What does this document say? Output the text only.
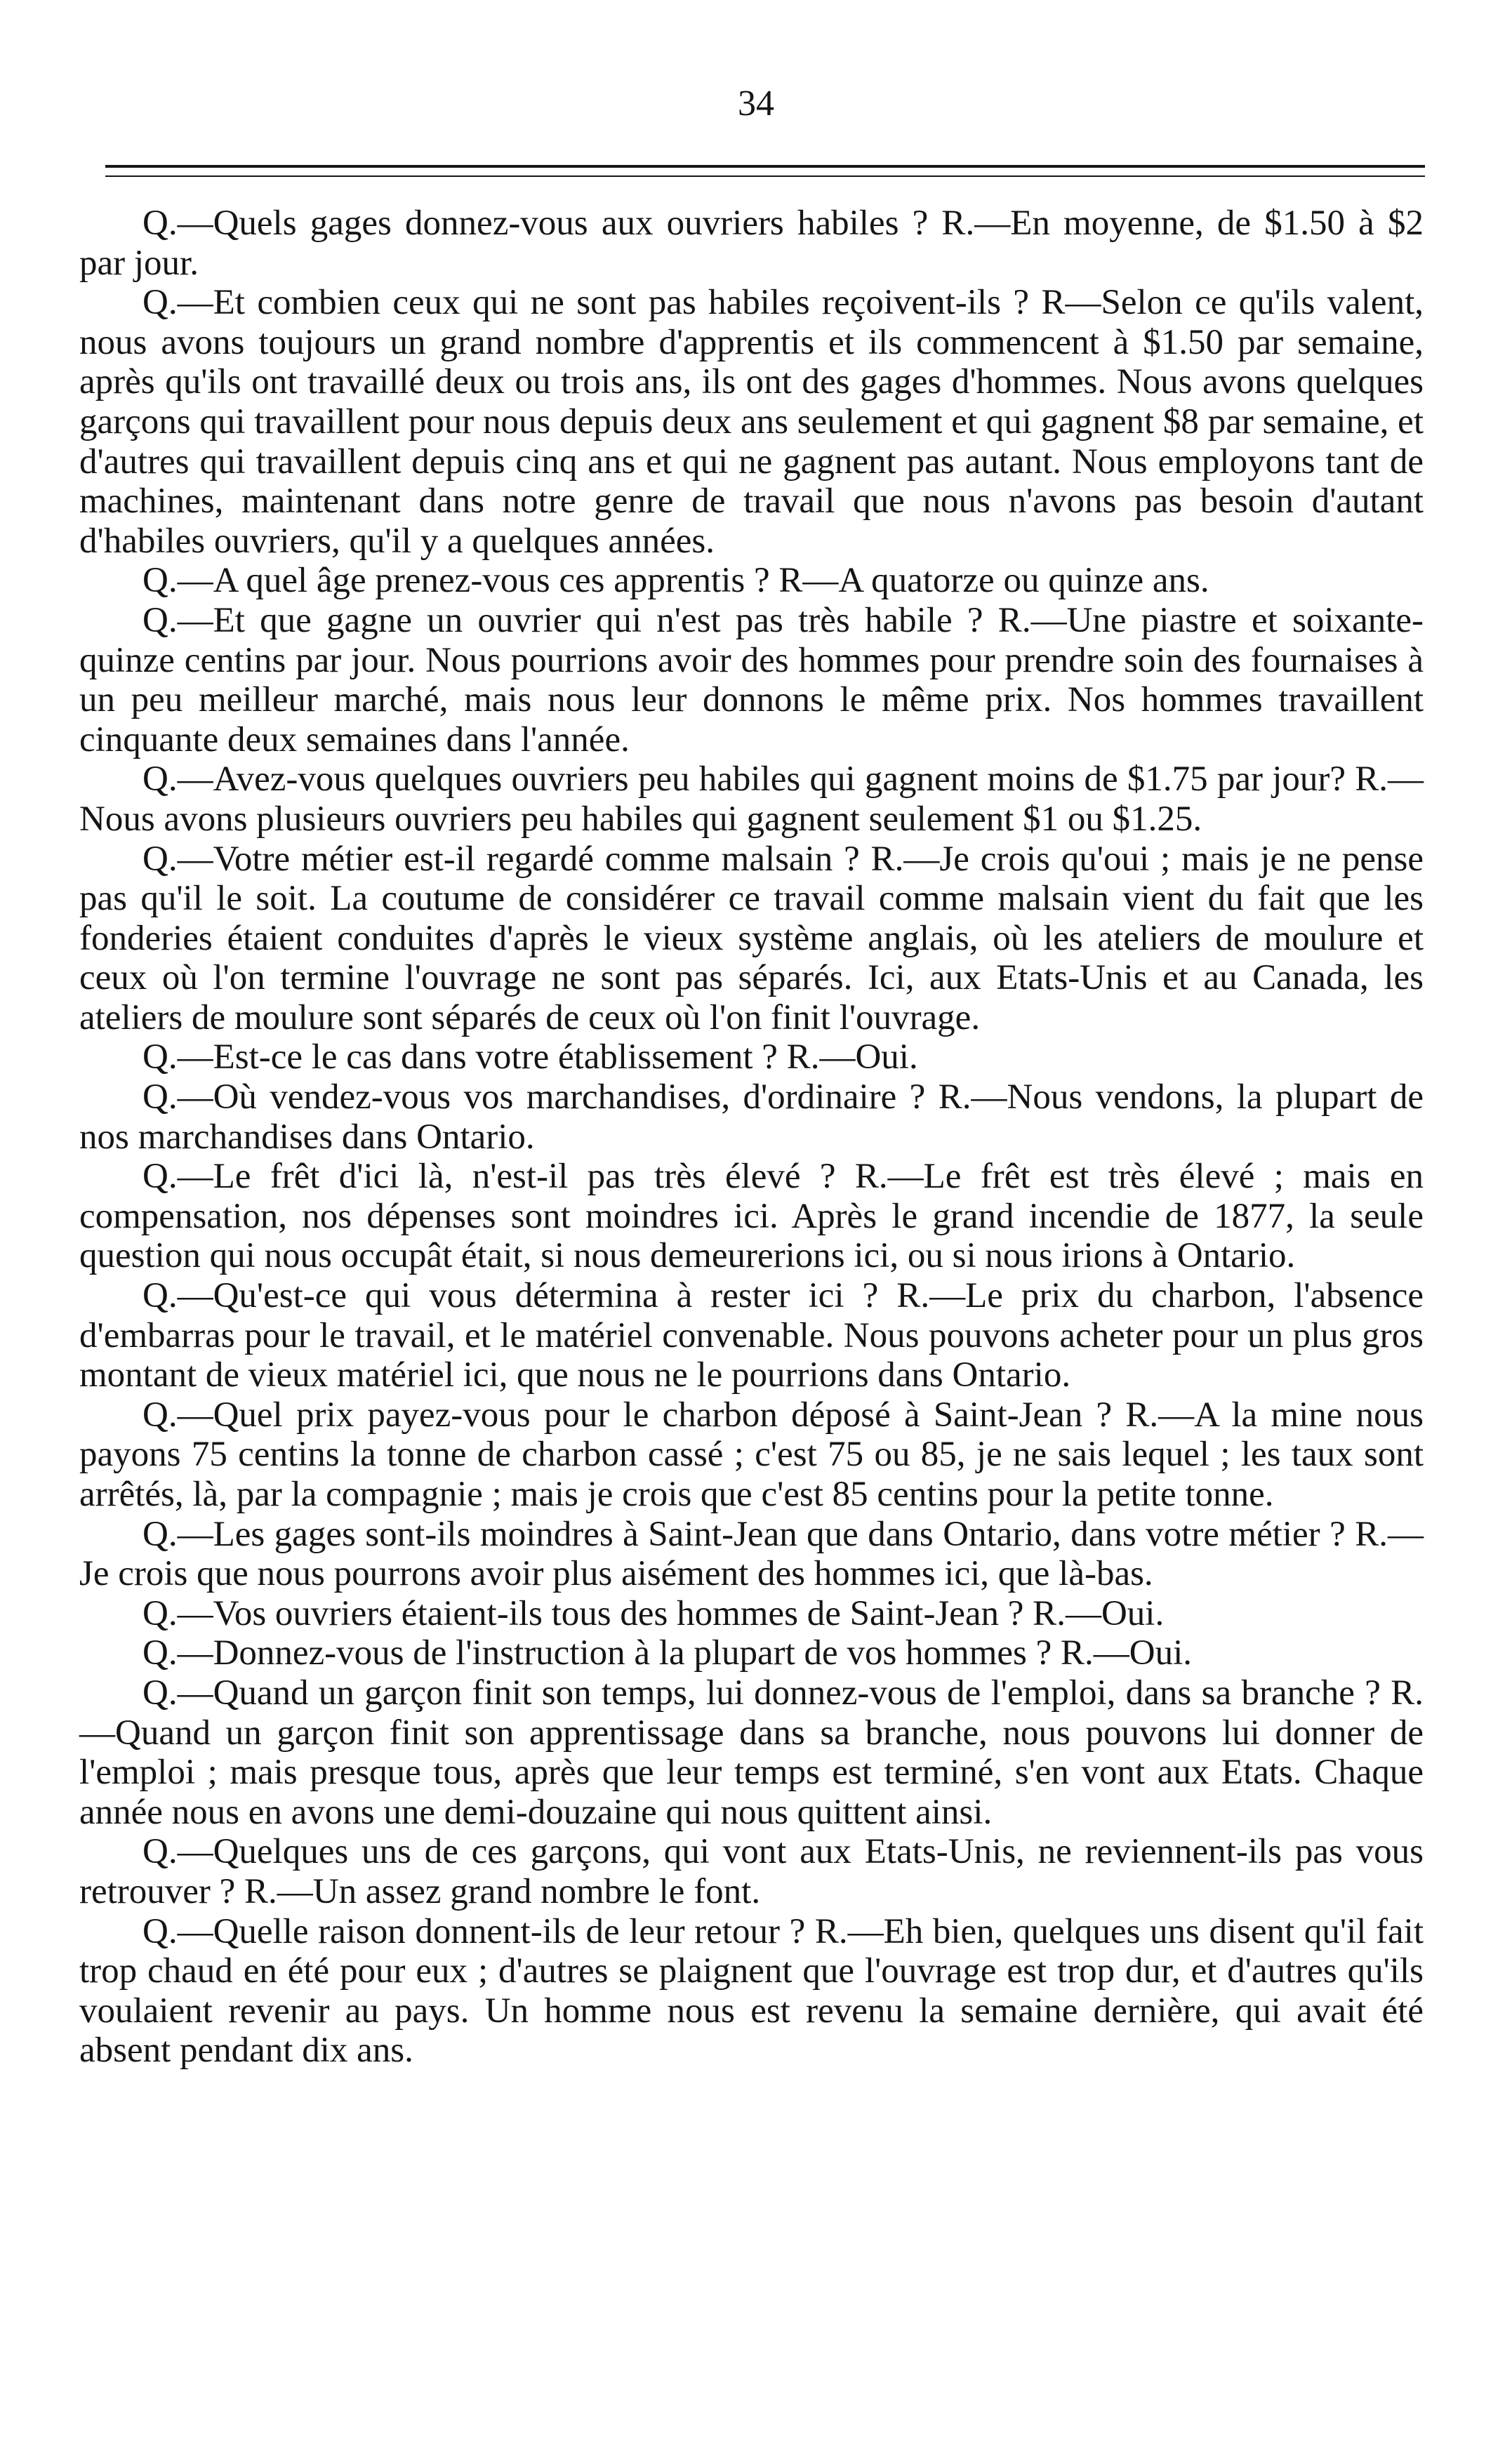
34

Q.—Quels gages donnez-vous aux ouvriers habiles ? R.—En moyenne, de $1.50 à $2 par jour.

Q.—Et combien ceux qui ne sont pas habiles reçoivent-ils ? R—Selon ce qu'ils valent, nous avons toujours un grand nombre d'apprentis et ils commencent à $1.50 par semaine, après qu'ils ont travaillé deux ou trois ans, ils ont des gages d'hommes. Nous avons quelques garçons qui travaillent pour nous depuis deux ans seulement et qui gagnent $8 par semaine, et d'autres qui travaillent depuis cinq ans et qui ne gagnent pas autant. Nous employons tant de machines, maintenant dans notre genre de travail que nous n'avons pas besoin d'autant d'habiles ouvriers, qu'il y a quelques années.

Q.—A quel âge prenez-vous ces apprentis ? R—A quatorze ou quinze ans.

Q.—Et que gagne un ouvrier qui n'est pas très habile ? R.—Une piastre et soixante-quinze centins par jour. Nous pourrions avoir des hommes pour prendre soin des fournaises à un peu meilleur marché, mais nous leur donnons le même prix. Nos hommes travaillent cinquante deux semaines dans l'année.

Q.—Avez-vous quelques ouvriers peu habiles qui gagnent moins de $1.75 par jour? R.—Nous avons plusieurs ouvriers peu habiles qui gagnent seulement $1 ou $1.25.

Q.—Votre métier est-il regardé comme malsain ? R.—Je crois qu'oui ; mais je ne pense pas qu'il le soit. La coutume de considérer ce travail comme malsain vient du fait que les fonderies étaient conduites d'après le vieux système anglais, où les ateliers de moulure et ceux où l'on termine l'ouvrage ne sont pas séparés. Ici, aux Etats-Unis et au Canada, les ateliers de moulure sont séparés de ceux où l'on finit l'ouvrage.

Q.—Est-ce le cas dans votre établissement ? R.—Oui.

Q.—Où vendez-vous vos marchandises, d'ordinaire ? R.—Nous vendons, la plupart de nos marchandises dans Ontario.

Q.—Le frêt d'ici là, n'est-il pas très élevé ? R.—Le frêt est très élevé ; mais en compensation, nos dépenses sont moindres ici. Après le grand incendie de 1877, la seule question qui nous occupât était, si nous demeurerions ici, ou si nous irions à Ontario.

Q.—Qu'est-ce qui vous détermina à rester ici ? R.—Le prix du charbon, l'absence d'embarras pour le travail, et le matériel convenable. Nous pouvons acheter pour un plus gros montant de vieux matériel ici, que nous ne le pourrions dans Ontario.

Q.—Quel prix payez-vous pour le charbon déposé à Saint-Jean ? R.—A la mine nous payons 75 centins la tonne de charbon cassé ; c'est 75 ou 85, je ne sais lequel ; les taux sont arrêtés, là, par la compagnie ; mais je crois que c'est 85 centins pour la petite tonne.

Q.—Les gages sont-ils moindres à Saint-Jean que dans Ontario, dans votre métier ? R.—Je crois que nous pourrons avoir plus aisément des hommes ici, que là-bas.

Q.—Vos ouvriers étaient-ils tous des hommes de Saint-Jean ? R.—Oui.

Q.—Donnez-vous de l'instruction à la plupart de vos hommes ? R.—Oui.

Q.—Quand un garçon finit son temps, lui donnez-vous de l'emploi, dans sa branche ? R.—Quand un garçon finit son apprentissage dans sa branche, nous pouvons lui donner de l'emploi ; mais presque tous, après que leur temps est terminé, s'en vont aux Etats. Chaque année nous en avons une demi-douzaine qui nous quittent ainsi.

Q.—Quelques uns de ces garçons, qui vont aux Etats-Unis, ne reviennent-ils pas vous retrouver ? R.—Un assez grand nombre le font.

Q.—Quelle raison donnent-ils de leur retour ? R.—Eh bien, quelques uns disent qu'il fait trop chaud en été pour eux ; d'autres se plaignent que l'ouvrage est trop dur, et d'autres qu'ils voulaient revenir au pays. Un homme nous est revenu la semaine dernière, qui avait été absent pendant dix ans.
